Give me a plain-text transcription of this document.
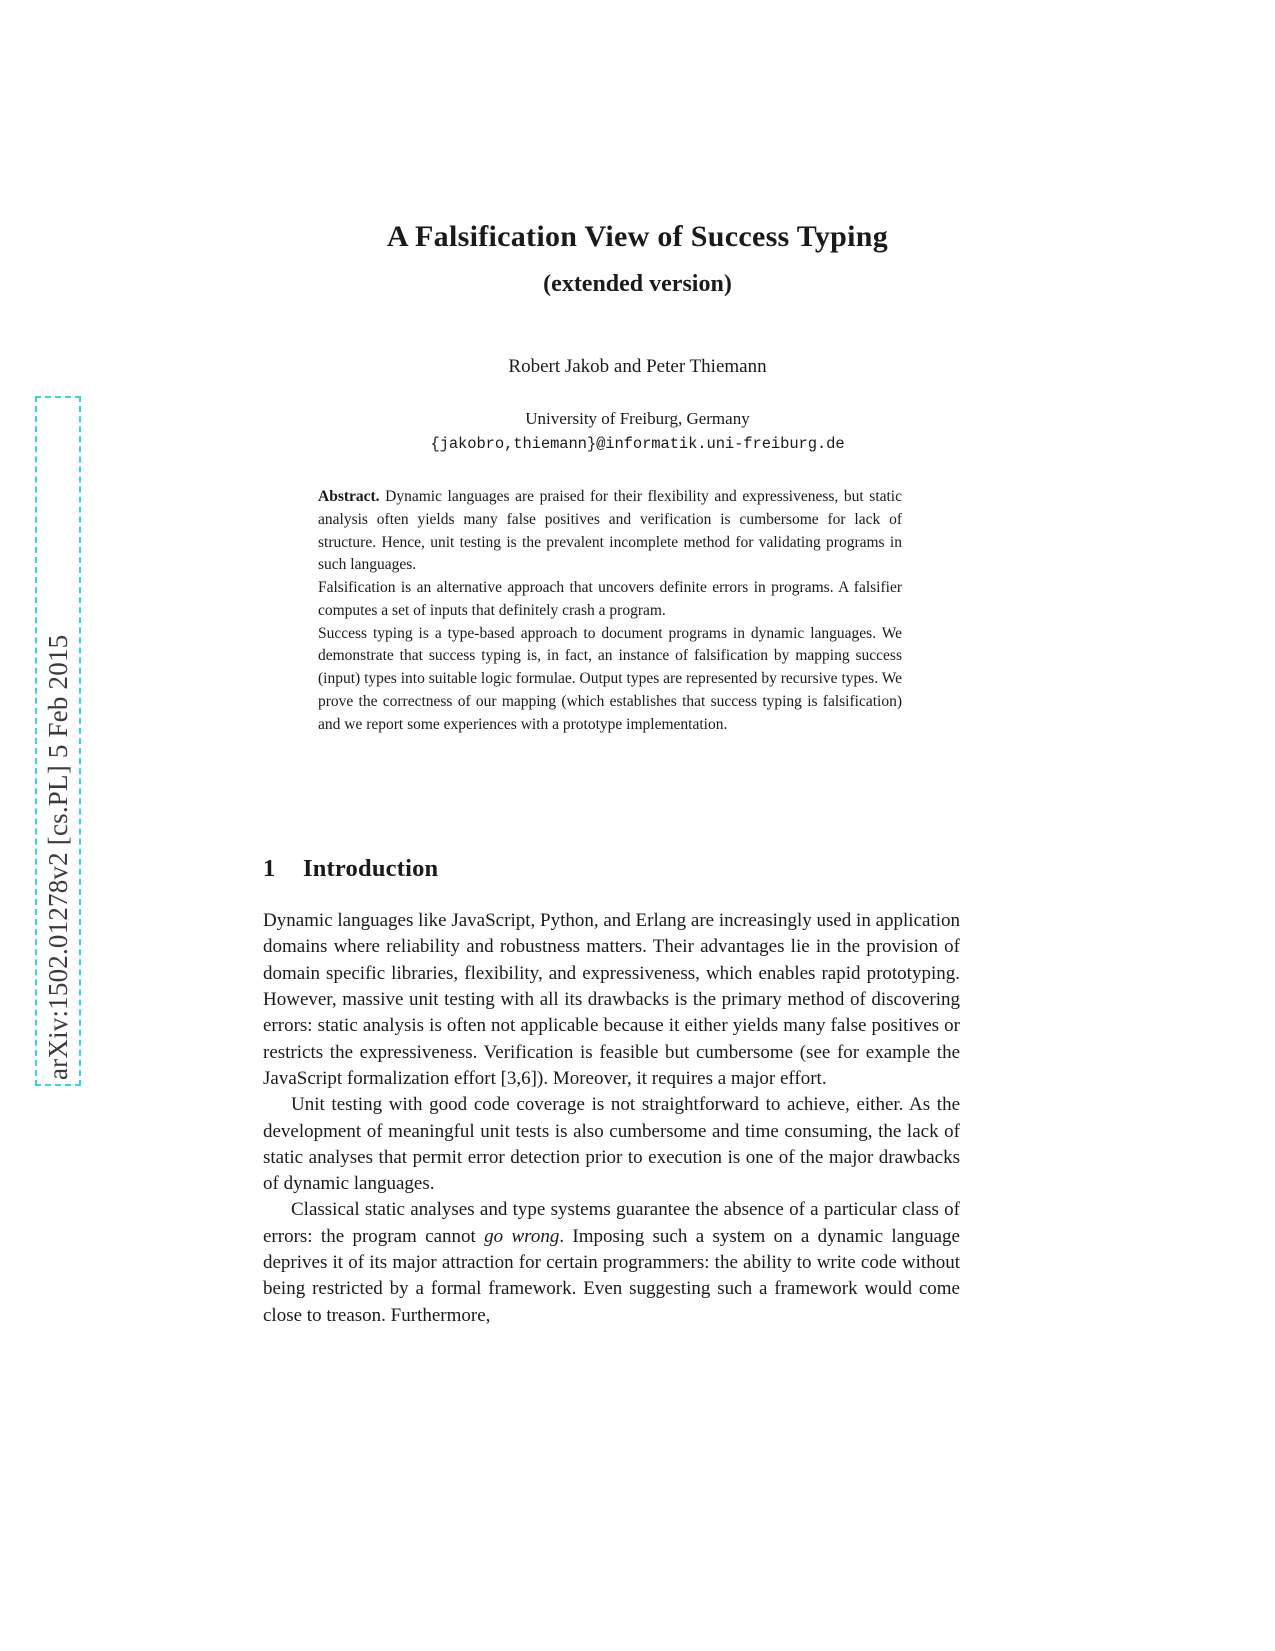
arXiv:1502.01278v2 [cs.PL] 5 Feb 2015
A Falsification View of Success Typing
(extended version)

Robert Jakob and Peter Thiemann

University of Freiburg, Germany

{jakobro,thiemann}@informatik.uni-freiburg.de

Abstract. Dynamic languages are praised for their flexibility and expressiveness, but static analysis often yields many false positives and verification is cumbersome for lack of structure. Hence, unit testing is the prevalent incomplete method for validating programs in such languages.

Falsification is an alternative approach that uncovers definite errors in programs. A falsifier computes a set of inputs that definitely crash a program.

Success typing is a type-based approach to document programs in dynamic languages. We demonstrate that success typing is, in fact, an instance of falsification by mapping success (input) types into suitable logic formulae. Output types are represented by recursive types. We prove the correctness of our mapping (which establishes that success typing is falsification) and we report some experiences with a prototype implementation.

1 Introduction

Dynamic languages like JavaScript, Python, and Erlang are increasingly used in application domains where reliability and robustness matters. Their advantages lie in the provision of domain specific libraries, flexibility, and expressiveness, which enables rapid prototyping. However, massive unit testing with all its drawbacks is the primary method of discovering errors: static analysis is often not applicable because it either yields many false positives or restricts the expressiveness. Verification is feasible but cumbersome (see for example the JavaScript formalization effort [3,6]). Moreover, it requires a major effort.

Unit testing with good code coverage is not straightforward to achieve, either. As the development of meaningful unit tests is also cumbersome and time consuming, the lack of static analyses that permit error detection prior to execution is one of the major drawbacks of dynamic languages.

Classical static analyses and type systems guarantee the absence of a particular class of errors: the program cannot go wrong. Imposing such a system on a dynamic language deprives it of its major attraction for certain programmers: the ability to write code without being restricted by a formal framework. Even suggesting such a framework would come close to treason. Furthermore,
